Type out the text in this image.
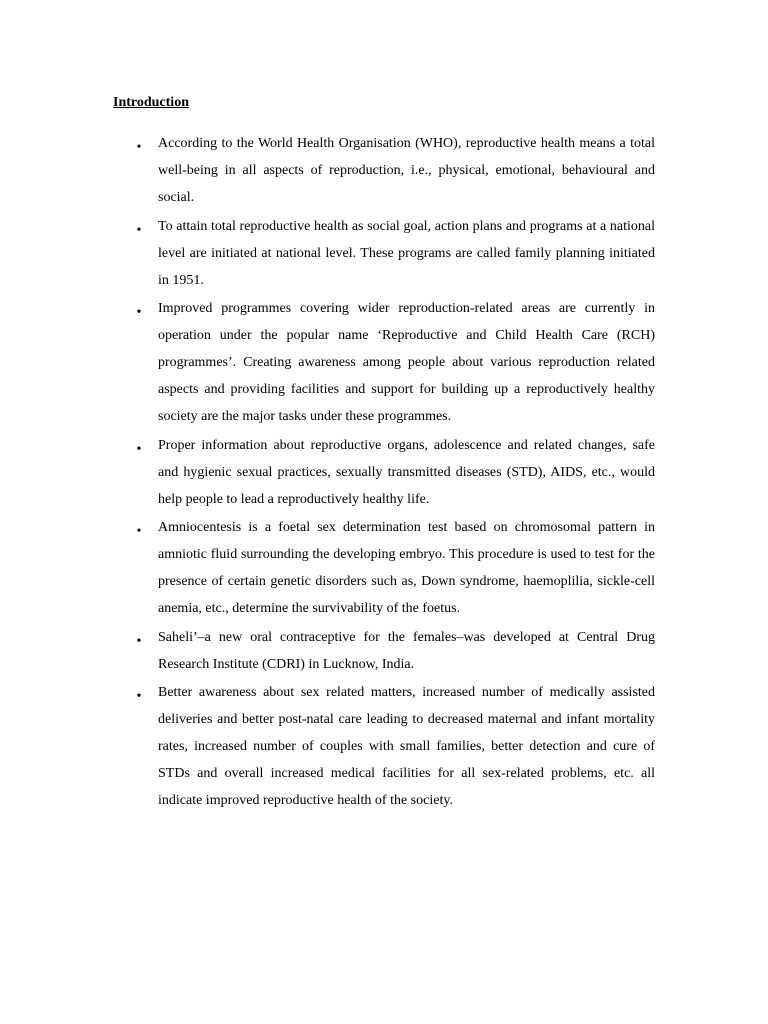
Introduction
• According to the World Health Organisation (WHO), reproductive health means a total well-being in all aspects of reproduction, i.e., physical, emotional, behavioural and social.
• To attain total reproductive health as social goal, action plans and programs at a national level are initiated at national level. These programs are called family planning initiated in 1951.
• Improved programmes covering wider reproduction-related areas are currently in operation under the popular name ‘Reproductive and Child Health Care (RCH) programmes’. Creating awareness among people about various reproduction related aspects and providing facilities and support for building up a reproductively healthy society are the major tasks under these programmes.
• Proper information about reproductive organs, adolescence and related changes, safe and hygienic sexual practices, sexually transmitted diseases (STD), AIDS, etc., would help people to lead a reproductively healthy life.
• Amniocentesis is a foetal sex determination test based on chromosomal pattern in amniotic fluid surrounding the developing embryo. This procedure is used to test for the presence of certain genetic disorders such as, Down syndrome, haemoplilia, sickle-cell anemia, etc., determine the survivability of the foetus.
• Saheli’–a new oral contraceptive for the females–was developed at Central Drug Research Institute (CDRI) in Lucknow, India.
• Better awareness about sex related matters, increased number of medically assisted deliveries and better post-natal care leading to decreased maternal and infant mortality rates, increased number of couples with small families, better detection and cure of STDs and overall increased medical facilities for all sex-related problems, etc. all indicate improved reproductive health of the society.
